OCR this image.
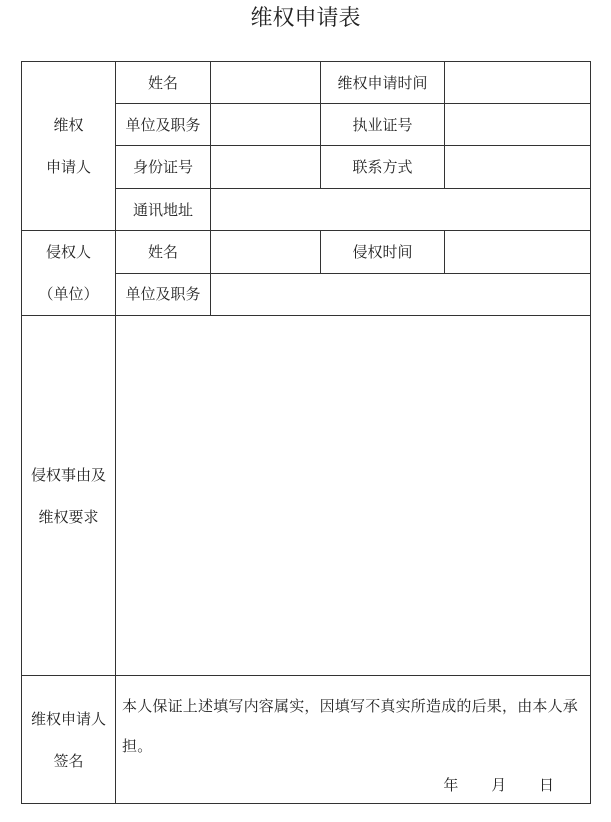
维权申请表
维权
申请人	姓名		维权申请时间	
	单位及职务		执业证号	
	身份证号		联系方式	
	通讯地址			

侵权人
（单位）	姓名		侵权时间	
	单位及职务			

侵权事由及
维权要求				

维权申请人
签名	本人保证上述填写内容属实，因填写不真实所造成的后果，由本人承担。
年 月 日			
